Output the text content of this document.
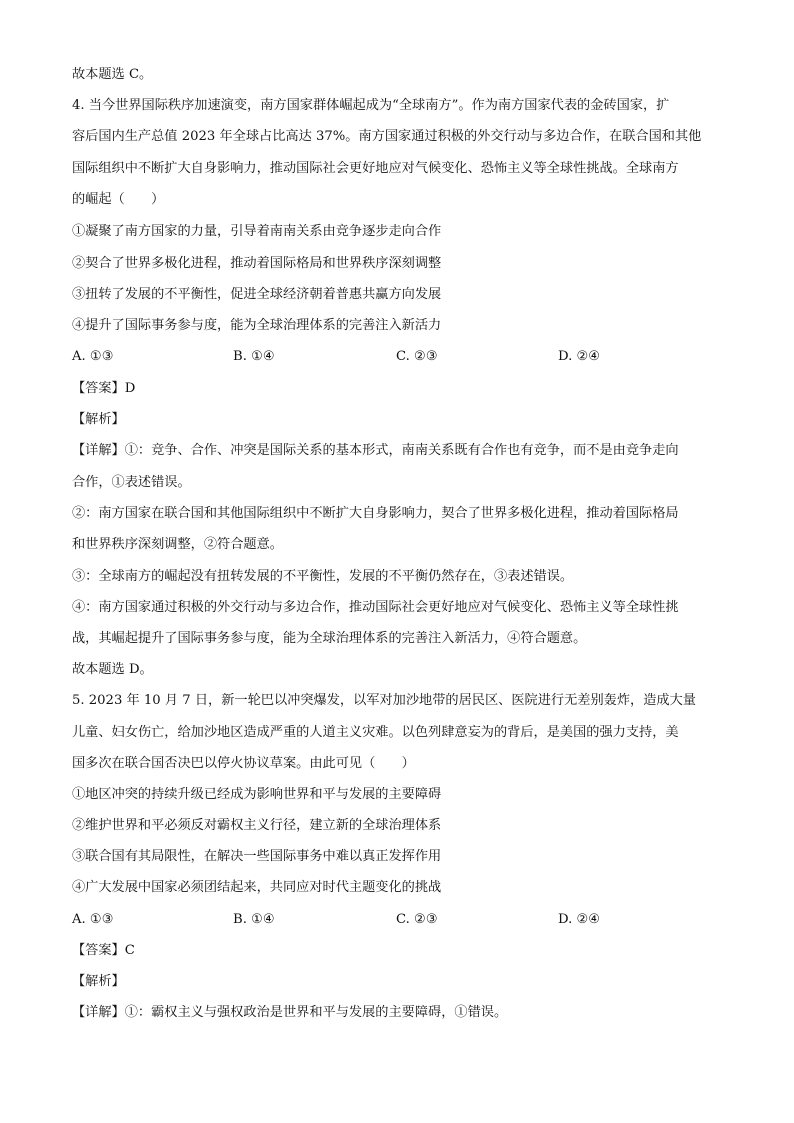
故本题选 C。
4. 当今世界国际秩序加速演变，南方国家群体崛起成为“全球南方”。作为南方国家代表的金砖国家，扩
容后国内生产总值 2023 年全球占比高达 37%。南方国家通过积极的外交行动与多边合作，在联合国和其他
国际组织中不断扩大自身影响力，推动国际社会更好地应对气候变化、恐怖主义等全球性挑战。全球南方
的崛起（　　）
①凝聚了南方国家的力量，引导着南南关系由竞争逐步走向合作
②契合了世界多极化进程，推动着国际格局和世界秩序深刻调整
③扭转了发展的不平衡性，促进全球经济朝着普惠共赢方向发展
④提升了国际事务参与度，能为全球治理体系的完善注入新活力
A. ①③	B. ①④	C. ②③	D. ②④
【答案】D
【解析】
【详解】①：竞争、合作、冲突是国际关系的基本形式，南南关系既有合作也有竞争，而不是由竞争走向
合作，①表述错误。
②：南方国家在联合国和其他国际组织中不断扩大自身影响力，契合了世界多极化进程，推动着国际格局
和世界秩序深刻调整，②符合题意。
③：全球南方的崛起没有扭转发展的不平衡性，发展的不平衡仍然存在，③表述错误。
④：南方国家通过积极的外交行动与多边合作，推动国际社会更好地应对气候变化、恐怖主义等全球性挑
战，其崛起提升了国际事务参与度，能为全球治理体系的完善注入新活力，④符合题意。
故本题选 D。
5. 2023 年 10 月 7 日，新一轮巴以冲突爆发，以军对加沙地带的居民区、医院进行无差别轰炸，造成大量
儿童、妇女伤亡，给加沙地区造成严重的人道主义灾难。以色列肆意妄为的背后，是美国的强力支持，美
国多次在联合国否决巴以停火协议草案。由此可见（　　）
①地区冲突的持续升级已经成为影响世界和平与发展的主要障碍
②维护世界和平必须反对霸权主义行径，建立新的全球治理体系
③联合国有其局限性，在解决一些国际事务中难以真正发挥作用
④广大发展中国家必须团结起来，共同应对时代主题变化的挑战
A. ①③	B. ①④	C. ②③	D. ②④
【答案】C
【解析】
【详解】①：霸权主义与强权政治是世界和平与发展的主要障碍，①错误。
